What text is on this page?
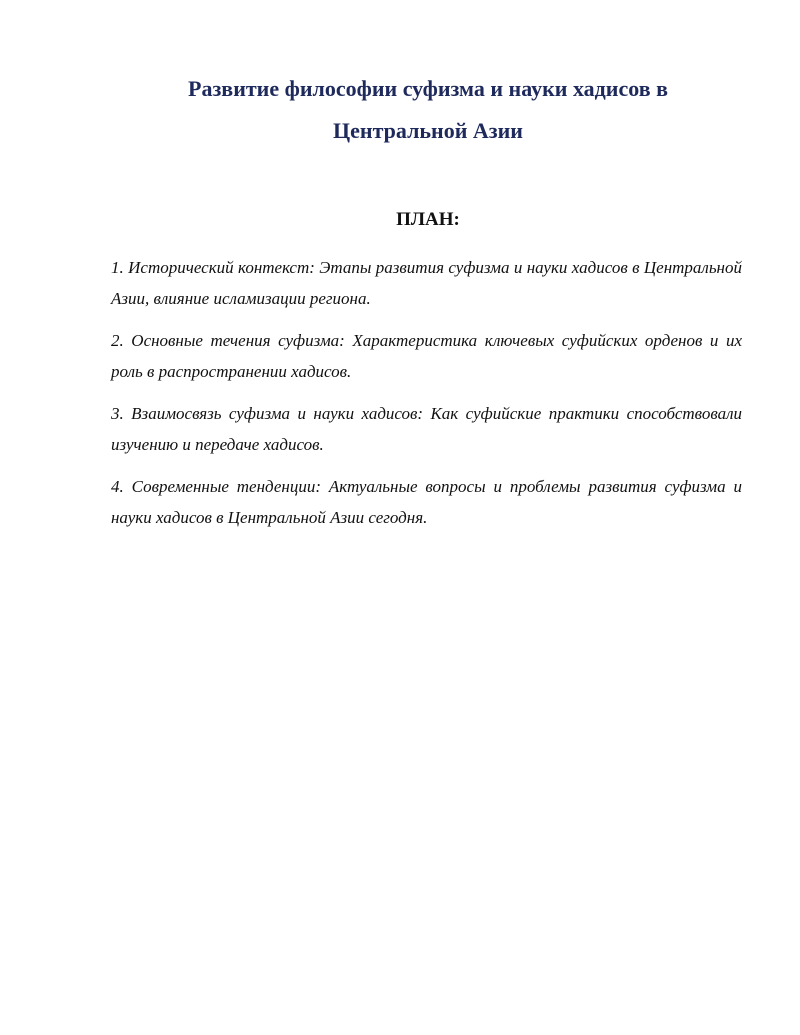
Развитие философии суфизма и науки хадисов в
Центральной Азии
ПЛАН:
1. Исторический контекст: Этапы развития суфизма и науки хадисов в Центральной Азии, влияние исламизации региона.
2. Основные течения суфизма: Характеристика ключевых суфийских орденов и их роль в распространении хадисов.
3. Взаимосвязь суфизма и науки хадисов: Как суфийские практики способствовали изучению и передаче хадисов.
4. Современные тенденции: Актуальные вопросы и проблемы развития суфизма и науки хадисов в Центральной Азии сегодня.
